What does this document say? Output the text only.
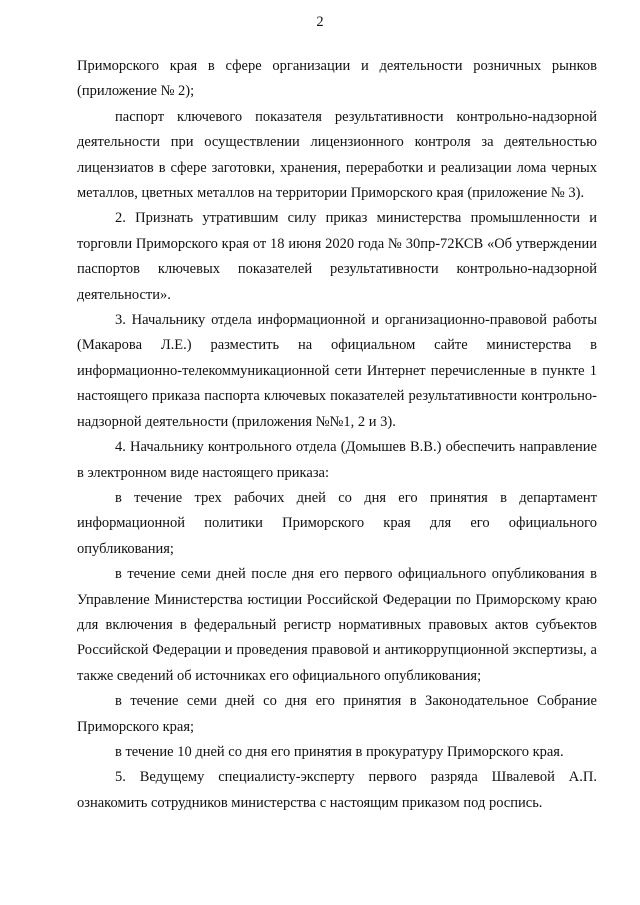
2

Приморского края в сфере организации и деятельности розничных рынков (приложение № 2);

паспорт ключевого показателя результативности контрольно-надзорной деятельности при осуществлении лицензионного контроля за деятельностью лицензиатов в сфере заготовки, хранения, переработки и реализации лома черных металлов, цветных металлов на территории Приморского края (приложение № 3).

2. Признать утратившим силу приказ министерства промышленности и торговли Приморского края от 18 июня 2020 года № 30пр-72КСВ «Об утверждении паспортов ключевых показателей результативности контрольно-надзорной деятельности».

3. Начальнику отдела информационной и организационно-правовой работы (Макарова Л.Е.) разместить на официальном сайте министерства в информационно-телекоммуникационной сети Интернет перечисленные в пункте 1 настоящего приказа паспорта ключевых показателей результативности контрольно-надзорной деятельности (приложения №№1, 2 и 3).

4. Начальнику контрольного отдела (Домышев В.В.) обеспечить направление в электронном виде настоящего приказа:

в течение трех рабочих дней со дня его принятия в департамент информационной политики Приморского края для его официального опубликования;

в течение семи дней после дня его первого официального опубликования в Управление Министерства юстиции Российской Федерации по Приморскому краю для включения в федеральный регистр нормативных правовых актов субъектов Российской Федерации и проведения правовой и антикоррупционной экспертизы, а также сведений об источниках его официального опубликования;

в течение семи дней со дня его принятия в Законодательное Собрание Приморского края;

в течение 10 дней со дня его принятия в прокуратуру Приморского края.

5. Ведущему специалисту-эксперту первого разряда Швалевой А.П. ознакомить сотрудников министерства с настоящим приказом под роспись.
